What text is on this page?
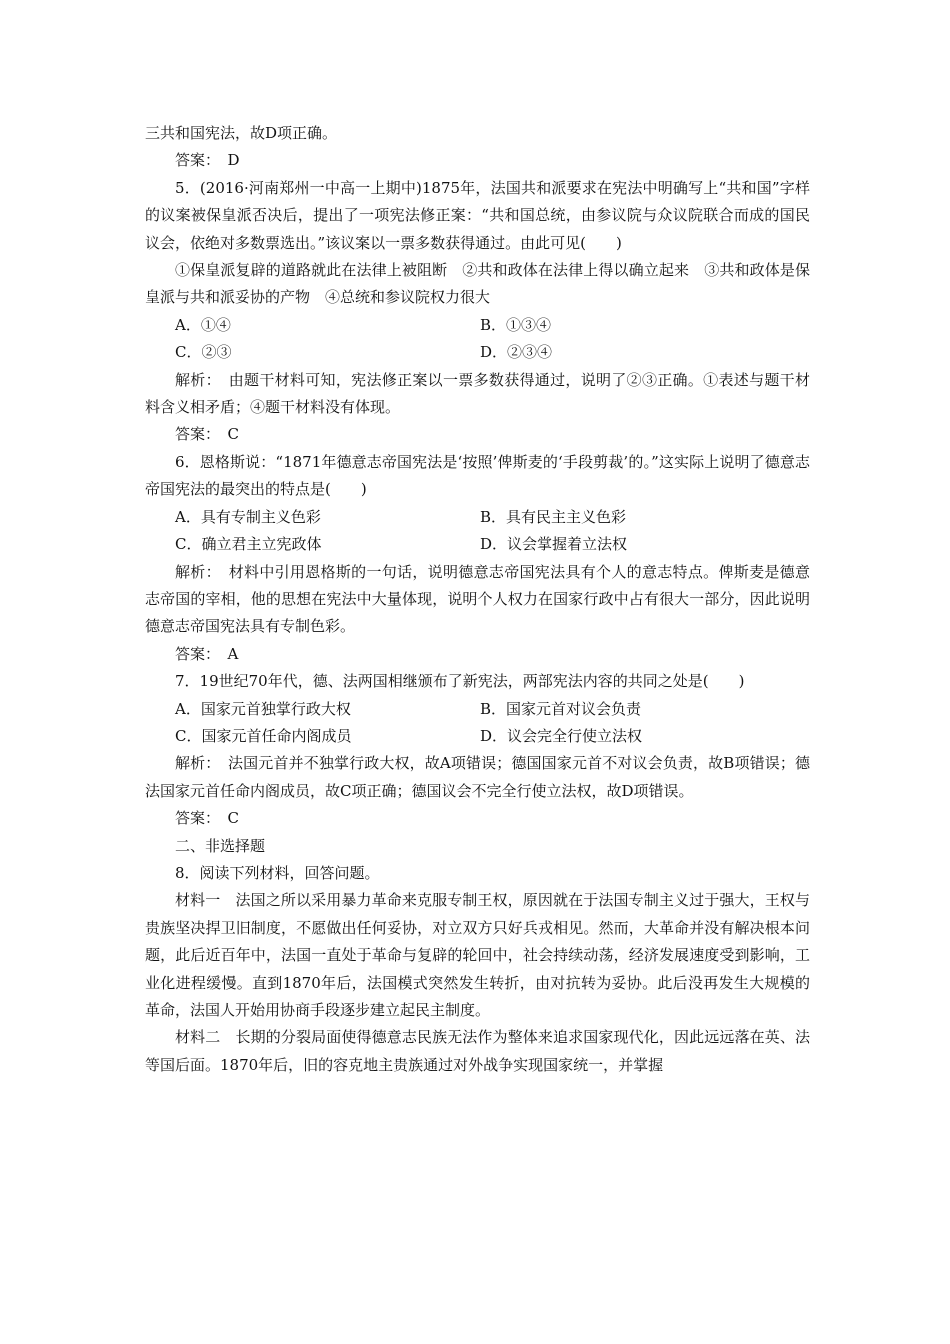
三共和国宪法，故D项正确。

答案：　D

5．(2016·河南郑州一中高一上期中)1875年，法国共和派要求在宪法中明确写上“共和国”字样的议案被保皇派否决后，提出了一项宪法修正案：“共和国总统，由参议院与众议院联合而成的国民议会，依绝对多数票选出。”该议案以一票多数获得通过。由此可见(　　)

①保皇派复辟的道路就此在法律上被阻断　②共和政体在法律上得以确立起来　③共和政体是保皇派与共和派妥协的产物　④总统和参议院权力很大

A．①④	B．①③④
C．②③	D．②③④

解析：　由题干材料可知，宪法修正案以一票多数获得通过，说明了②③正确。①表述与题干材料含义相矛盾；④题干材料没有体现。

答案：　C

6．恩格斯说：“1871年德意志帝国宪法是‘按照’俾斯麦的‘手段剪裁’的。”这实际上说明了德意志帝国宪法的最突出的特点是(　　)

A．具有专制主义色彩	B．具有民主主义色彩
C．确立君主立宪政体	D．议会掌握着立法权

解析：　材料中引用恩格斯的一句话，说明德意志帝国宪法具有个人的意志特点。俾斯麦是德意志帝国的宰相，他的思想在宪法中大量体现，说明个人权力在国家行政中占有很大一部分，因此说明德意志帝国宪法具有专制色彩。

答案：　A

7．19世纪70年代，德、法两国相继颁布了新宪法，两部宪法内容的共同之处是(　　)

A．国家元首独掌行政大权	B．国家元首对议会负责
C．国家元首任命内阁成员	D．议会完全行使立法权

解析：　法国元首并不独掌行政大权，故A项错误；德国国家元首不对议会负责，故B项错误；德法国家元首任命内阁成员，故C项正确；德国议会不完全行使立法权，故D项错误。

答案：　C

二、非选择题

8．阅读下列材料，回答问题。

材料一　法国之所以采用暴力革命来克服专制王权，原因就在于法国专制主义过于强大，王权与贵族坚决捍卫旧制度，不愿做出任何妥协，对立双方只好兵戎相见。然而，大革命并没有解决根本问题，此后近百年中，法国一直处于革命与复辟的轮回中，社会持续动荡，经济发展速度受到影响，工业化进程缓慢。直到1870年后，法国模式突然发生转折，由对抗转为妥协。此后没再发生大规模的革命，法国人开始用协商手段逐步建立起民主制度。

材料二　长期的分裂局面使得德意志民族无法作为整体来追求国家现代化，因此远远落在英、法等国后面。1870年后，旧的容克地主贵族通过对外战争实现国家统一，并掌握
